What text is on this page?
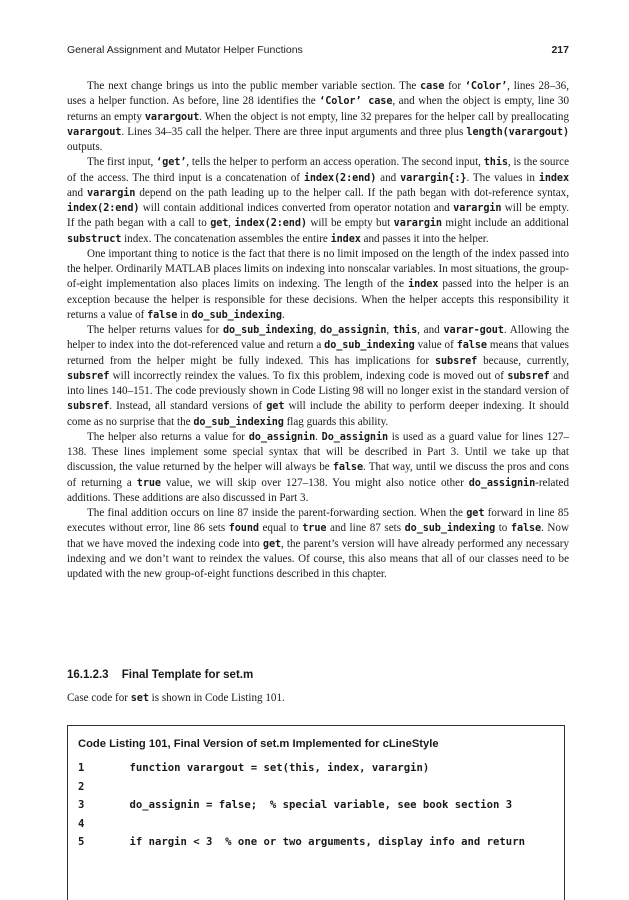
General Assignment and Mutator Helper Functions	217

The next change brings us into the public member variable section. The case for ‘Color’, lines 28–36, uses a helper function. As before, line 28 identifies the ‘Color’ case, and when the object is empty, line 30 returns an empty varargout. When the object is not empty, line 32 prepares for the helper call by preallocating varargout. Lines 34–35 call the helper. There are three input arguments and three plus length(varargout) outputs.

The first input, ‘get’, tells the helper to perform an access operation. The second input, this, is the source of the access. The third input is a concatenation of index(2:end) and varargin{:}. The values in index and varargin depend on the path leading up to the helper call. If the path began with dot-reference syntax, index(2:end) will contain additional indices converted from operator notation and varargin will be empty. If the path began with a call to get, index(2:end) will be empty but varargin might include an additional substruct index. The concatenation assembles the entire index and passes it into the helper.

One important thing to notice is the fact that there is no limit imposed on the length of the index passed into the helper. Ordinarily MATLAB places limits on indexing into nonscalar variables. In most situations, the group-of-eight implementation also places limits on indexing. The length of the index passed into the helper is an exception because the helper is responsible for these decisions. When the helper accepts this responsibility it returns a value of false in do_sub_indexing.

The helper returns values for do_sub_indexing, do_assignin, this, and varar-gout. Allowing the helper to index into the dot-referenced value and return a do_sub_indexing value of false means that values returned from the helper might be fully indexed. This has implications for subsref because, currently, subsref will incorrectly reindex the values. To fix this problem, indexing code is moved out of subsref and into lines 140–151. The code previously shown in Code Listing 98 will no longer exist in the standard version of subsref. Instead, all standard versions of get will include the ability to perform deeper indexing. It should come as no surprise that the do_sub_indexing flag guards this ability.

The helper also returns a value for do_assignin. Do_assignin is used as a guard value for lines 127–138. These lines implement some special syntax that will be described in Part 3. Until we take up that discussion, the value returned by the helper will always be false. That way, until we discuss the pros and cons of returning a true value, we will skip over 127–138. You might also notice other do_assignin-related additions. These additions are also discussed in Part 3.

The final addition occurs on line 87 inside the parent-forwarding section. When the get forward in line 85 executes without error, line 86 sets found equal to true and line 87 sets do_sub_indexing to false. Now that we have moved the indexing code into get, the parent’s version will have already performed any necessary indexing and we don’t want to reindex the values. Of course, this also means that all of our classes need to be updated with the new group-of-eight functions described in this chapter.

16.1.2.3 Final Template for set.m
Case code for set is shown in Code Listing 101.
Code Listing 101, Final Version of set.m Implemented for cLineStyle
1	function varargout = set(this, index, varargin)
2
3	do_assignin = false;  % special variable, see book section 3
4
5	if nargin < 3  % one or two arguments, display info and return
